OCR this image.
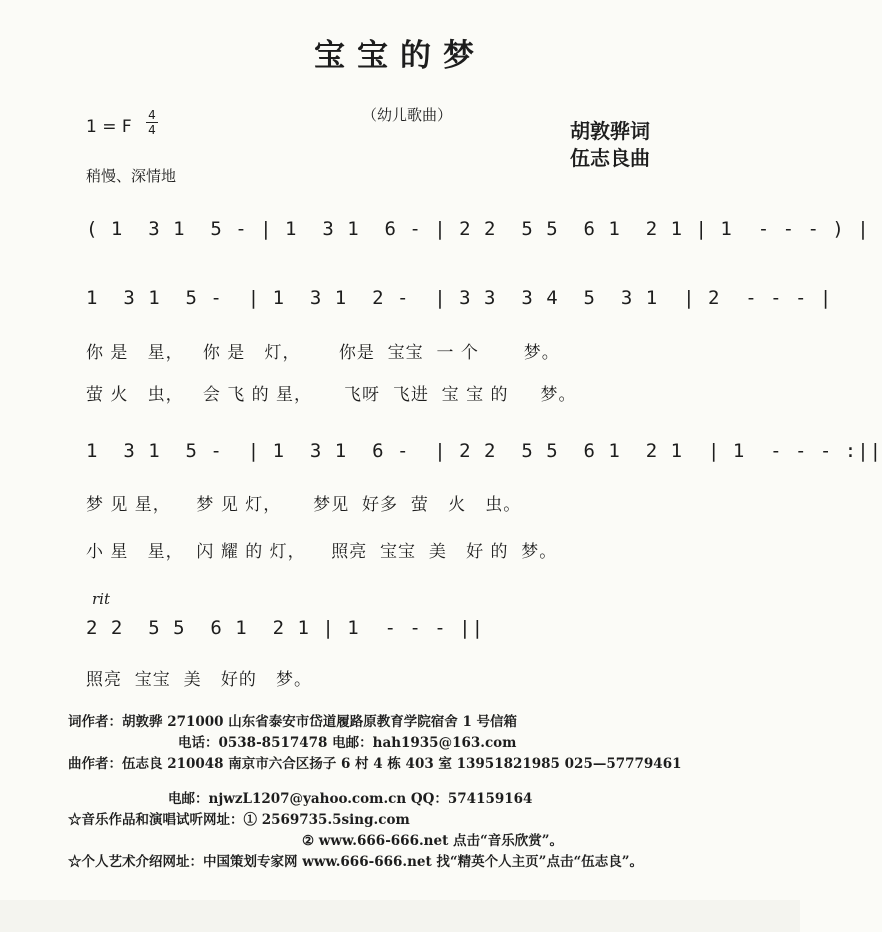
宝宝的梦
（幼儿歌曲）
胡敦骅词
伍志良曲
1 = F
4
4
稍慢、深情地
( 1  3 1  5 - | 1  3 1  6 - | 2 2  5 5  6 1  2 1 | 1  - - - ) |
1  3 1  5 -  | 1  3 1  2 -  | 3 3  3 4  5  3 1  | 2  - - - |
你 是   星，   你 是   灯，      你是  宝宝  一 个       梦。
萤 火   虫，   会 飞 的 星，     飞呀  飞进  宝 宝 的     梦。
1  3 1  5 -  | 1  3 1  6 -  | 2 2  5 5  6 1  2 1  | 1  - - - :||
梦 见 星，    梦 见 灯，     梦见  好多  萤   火   虫。
小 星   星，  闪 耀 的 灯，    照亮  宝宝  美   好 的  梦。
rit
2 2  5 5  6 1  2 1 | 1  - - - ||
照亮  宝宝  美   好的   梦。
词作者：胡敦骅 271000 山东省泰安市岱道履路原教育学院宿舍 1 号信箱
电话：0538-8517478 电邮：hah1935@163.com
曲作者：伍志良 210048 南京市六合区扬子 6 村 4 栋 403 室 13951821985 025—57779461
电邮：njwzL1207@yahoo.com.cn QQ：574159164
☆音乐作品和演唱试听网址：① 2569735.5sing.com
② www.666-666.net 点击“音乐欣赏”。
☆个人艺术介绍网址：中国策划专家网 www.666-666.net 找“精英个人主页”点击“伍志良”。
